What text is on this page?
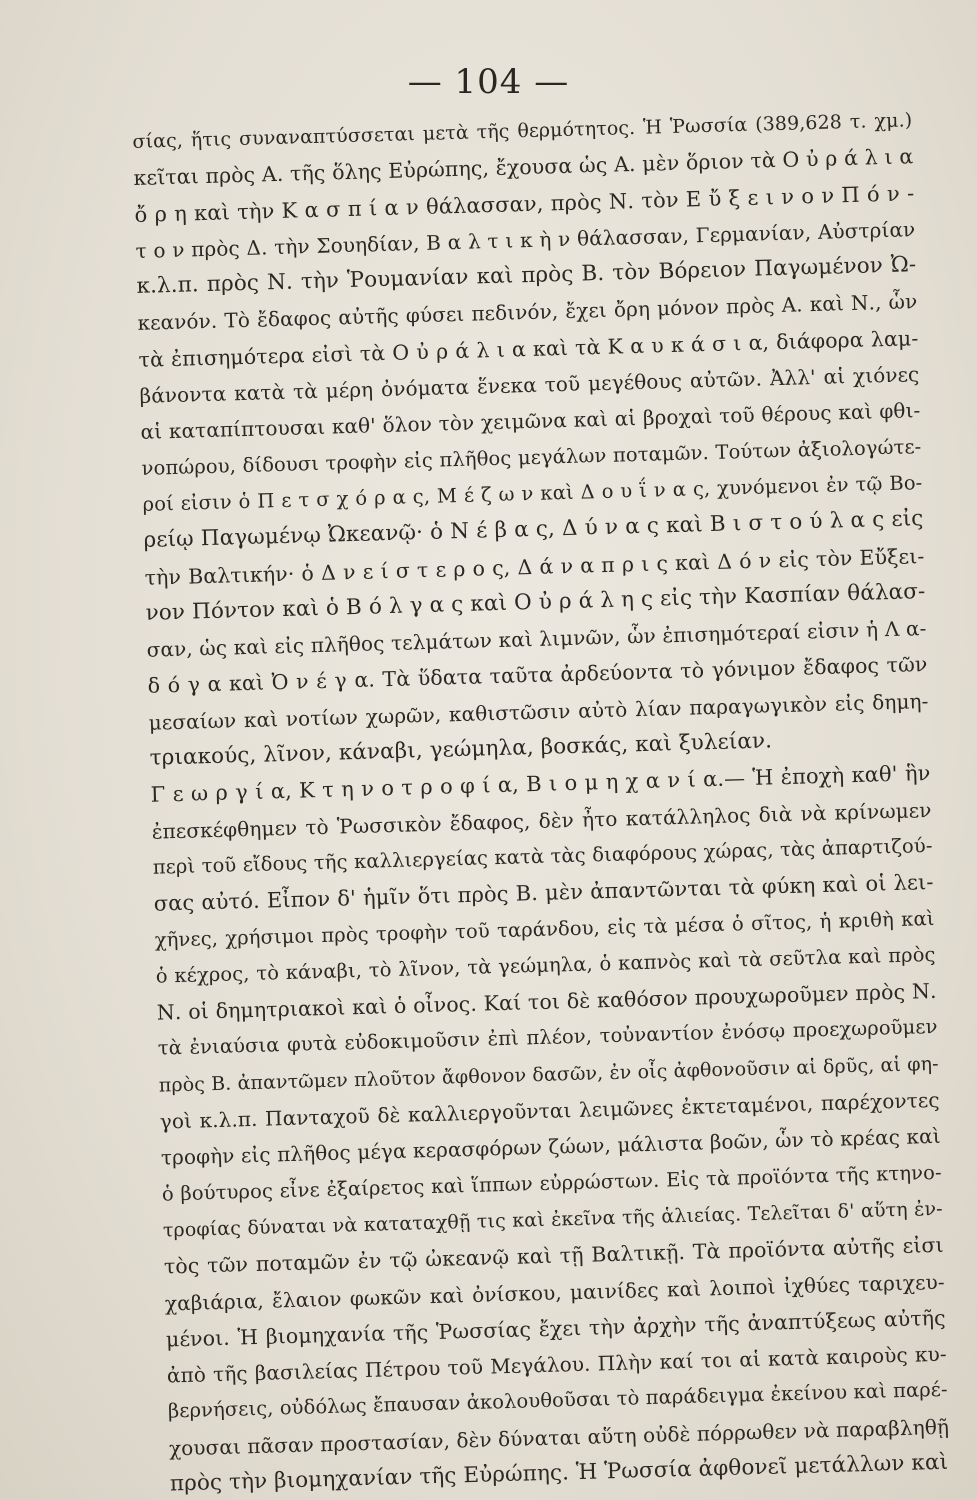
— 104 —
σίας, ἥτις συναναπτύσσεται μετὰ τῆς θερμότητος. Ἡ Ῥωσσία (389,628 τ. χμ.)
κεῖται πρὸς Α. τῆς ὅλης Εὐρώπης, ἔχουσα ὡς Α. μὲν ὅριον τὰ Ο ὐ ρ ά λ ι α
ὄ ρ η καὶ τὴν Κ α σ π ί α ν θάλασσαν, πρὸς Ν. τὸν Ε ὔ ξ ε ι ν ο ν Π ό ν -
τ ο ν πρὸς Δ. τὴν Σουηδίαν, Β α λ τ ι κ ὴ ν θάλασσαν, Γερμανίαν, Αὐστρίαν
κ.λ.π. πρὸς Ν. τὴν Ῥουμανίαν καὶ πρὸς Β. τὸν Βόρειον Παγωμένον Ὠ-
κεανόν. Τὸ ἔδαφος αὐτῆς φύσει πεδινόν, ἔχει ὄρη μόνον πρὸς Α. καὶ Ν., ὧν
τὰ ἐπισημότερα εἰσὶ τὰ Ο ὐ ρ ά λ ι α καὶ τὰ Κ α υ κ ά σ ι α, διάφορα λαμ-
βάνοντα κατὰ τὰ μέρη ὀνόματα ἕνεκα τοῦ μεγέθους αὐτῶν. Ἀλλ' αἱ χιόνες
αἱ καταπίπτουσαι καθ' ὅλον τὸν χειμῶνα καὶ αἱ βροχαὶ τοῦ θέρους καὶ φθι-
νοπώρου, δίδουσι τροφὴν εἰς πλῆθος μεγάλων ποταμῶν. Τούτων ἀξιολογώτε-
ροί εἰσιν ὁ Π ε τ σ χ ό ρ α ς, Μ έ ζ ω ν καὶ Δ ο υ ΐ ν α ς, χυνόμενοι ἐν τῷ Βο-
ρείῳ Παγωμένῳ Ὠκεανῷ· ὁ Ν έ β α ς, Δ ύ ν α ς καὶ Β ι σ τ ο ύ λ α ς εἰς
τὴν Βαλτικήν· ὁ Δ ν ε ί σ τ ε ρ ο ς, Δ ά ν α π ρ ι ς καὶ Δ ό ν εἰς τὸν Εὔξει-
νον Πόντον καὶ ὁ Β ό λ γ α ς καὶ Ο ὐ ρ ά λ η ς εἰς τὴν Κασπίαν θάλασ-
σαν, ὡς καὶ εἰς πλῆθος τελμάτων καὶ λιμνῶν, ὧν ἐπισημότεραί εἰσιν ἡ Λ α-
δ ό γ α καὶ Ὀ ν έ γ α. Τὰ ὕδατα ταῦτα ἀρδεύοντα τὸ γόνιμον ἔδαφος τῶν
μεσαίων καὶ νοτίων χωρῶν, καθιστῶσιν αὐτὸ λίαν παραγωγικὸν εἰς δημη-
τριακούς, λῖνον, κάναβι, γεώμηλα, βοσκάς, καὶ ξυλείαν.
Γ ε ω ρ γ ί α, Κ τ η ν ο τ ρ ο φ ί α, Β ι ο μ η χ α ν ί α.— Ἡ ἐποχὴ καθ' ἣν
ἐπεσκέφθημεν τὸ Ῥωσσικὸν ἔδαφος, δὲν ἦτο κατάλληλος διὰ νὰ κρίνωμεν
περὶ τοῦ εἴδους τῆς καλλιεργείας κατὰ τὰς διαφόρους χώρας, τὰς ἀπαρτιζού-
σας αὐτό. Εἶπον δ' ἡμῖν ὅτι πρὸς Β. μὲν ἀπαντῶνται τὰ φύκη καὶ οἱ λει-
χῆνες, χρήσιμοι πρὸς τροφὴν τοῦ ταράνδου, εἰς τὰ μέσα ὁ σῖτος, ἡ κριθὴ καὶ
ὁ κέχρος, τὸ κάναβι, τὸ λῖνον, τὰ γεώμηλα, ὁ καπνὸς καὶ τὰ σεῦτλα καὶ πρὸς
Ν. οἱ δημητριακοὶ καὶ ὁ οἶνος. Καί τοι δὲ καθόσον προυχωροῦμεν πρὸς Ν.
τὰ ἐνιαύσια φυτὰ εὐδοκιμοῦσιν ἐπὶ πλέον, τοὐναντίον ἐνόσῳ προεχωροῦμεν
πρὸς Β. ἀπαντῶμεν πλοῦτον ἄφθονον δασῶν, ἐν οἷς ἀφθονοῦσιν αἱ δρῦς, αἱ φη-
γοὶ κ.λ.π. Πανταχοῦ δὲ καλλιεργοῦνται λειμῶνες ἐκτεταμένοι, παρέχοντες
τροφὴν εἰς πλῆθος μέγα κερασφόρων ζώων, μάλιστα βοῶν, ὧν τὸ κρέας καὶ
ὁ βούτυρος εἶνε ἐξαίρετος καὶ ἵππων εὐρρώστων. Εἰς τὰ προϊόντα τῆς κτηνο-
τροφίας δύναται νὰ καταταχθῇ τις καὶ ἐκεῖνα τῆς ἁλιείας. Τελεῖται δ' αὕτη ἐν-
τὸς τῶν ποταμῶν ἐν τῷ ὠκεανῷ καὶ τῇ Βαλτικῇ. Τὰ προϊόντα αὐτῆς εἰσι
χαβιάρια, ἔλαιον φωκῶν καὶ ὀνίσκου, μαινίδες καὶ λοιποὶ ἰχθύες ταριχευ-
μένοι. Ἡ βιομηχανία τῆς Ῥωσσίας ἔχει τὴν ἀρχὴν τῆς ἀναπτύξεως αὐτῆς
ἀπὸ τῆς βασιλείας Πέτρου τοῦ Μεγάλου. Πλὴν καί τοι αἱ κατὰ καιροὺς κυ-
βερνήσεις, οὐδόλως ἔπαυσαν ἀκολουθοῦσαι τὸ παράδειγμα ἐκείνου καὶ παρέ-
χουσαι πᾶσαν προστασίαν, δὲν δύναται αὕτη οὐδὲ πόρρωθεν νὰ παραβληθῇ
πρὸς τὴν βιομηχανίαν τῆς Εὐρώπης. Ἡ Ῥωσσία ἀφθονεῖ μετάλλων καὶ
